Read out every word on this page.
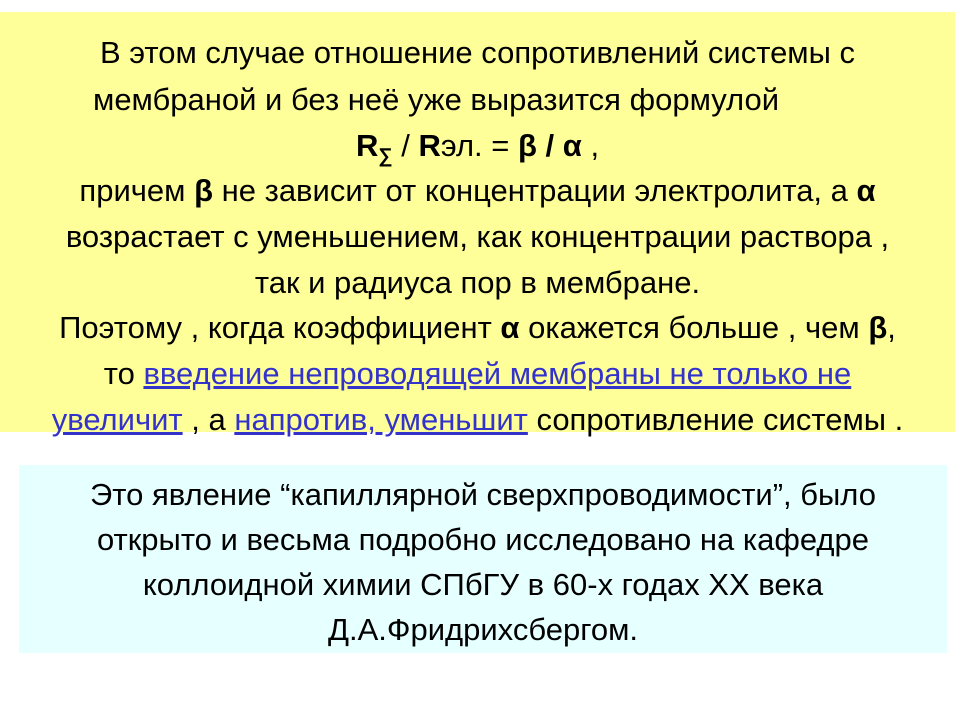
В этом случае отношение сопротивлений системы с
мембраной и без неё уже выразится формулой
$R_\sum$ / Rэл. = β / α ,
причем β не зависит от концентрации электролита, а α
возрастает с уменьшением, как концентрации раствора ,
так и радиуса пор в мембране.
Поэтому , когда коэффициент α окажется больше , чем β,
то введение непроводящей мембраны не только не
увеличит , а напротив, уменьшит сопротивление системы .
Это явление “капиллярной сверхпроводимости”, было
открыто и весьма подробно исследовано на кафедре
коллоидной химии СПбГУ в 60-х годах XX века
Д.А.Фридрихсбергом.
